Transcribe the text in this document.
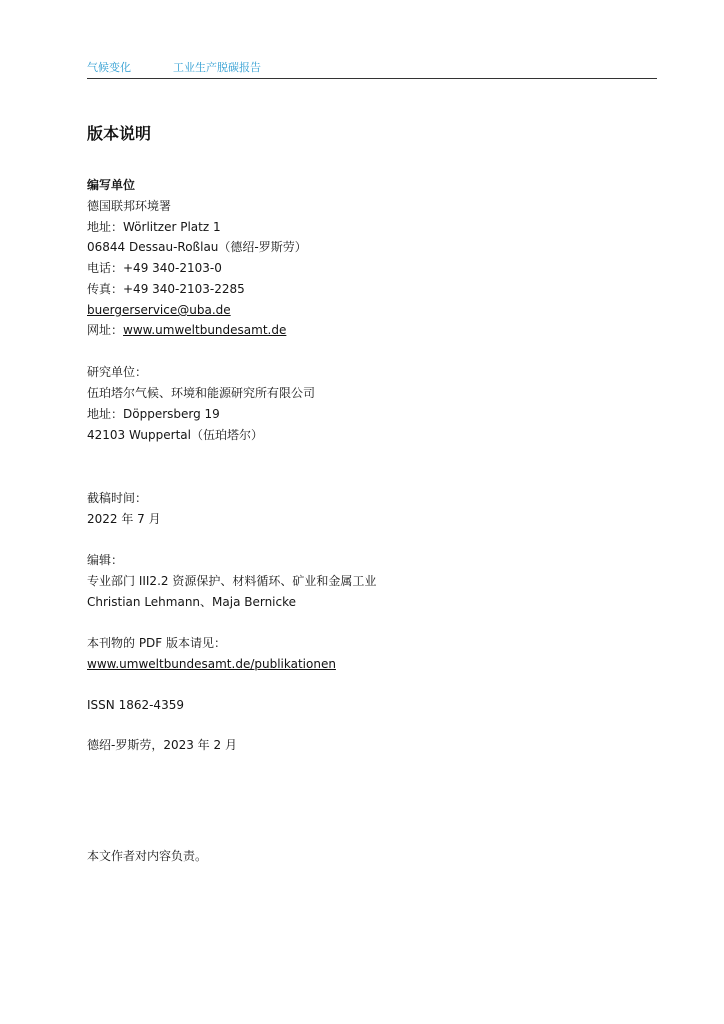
气候变化	工业生产脱碳报告
版本说明
编写单位
德国联邦环境署
地址：Wörlitzer Platz 1
06844 Dessau-Roßlau（德绍-罗斯劳）
电话：+49 340-2103-0
传真：+49 340-2103-2285
buergerservice@uba.de
网址：www.umweltbundesamt.de
研究单位：
伍珀塔尔气候、环境和能源研究所有限公司
地址：Döppersberg 19
42103 Wuppertal（伍珀塔尔）
截稿时间：
2022 年 7 月
编辑：
专业部门 III2.2 资源保护、材料循环、矿业和金属工业
Christian Lehmann、Maja Bernicke
本刊物的 PDF 版本请见：
www.umweltbundesamt.de/publikationen
ISSN 1862-4359
德绍-罗斯劳，2023 年 2 月
本文作者对内容负责。
